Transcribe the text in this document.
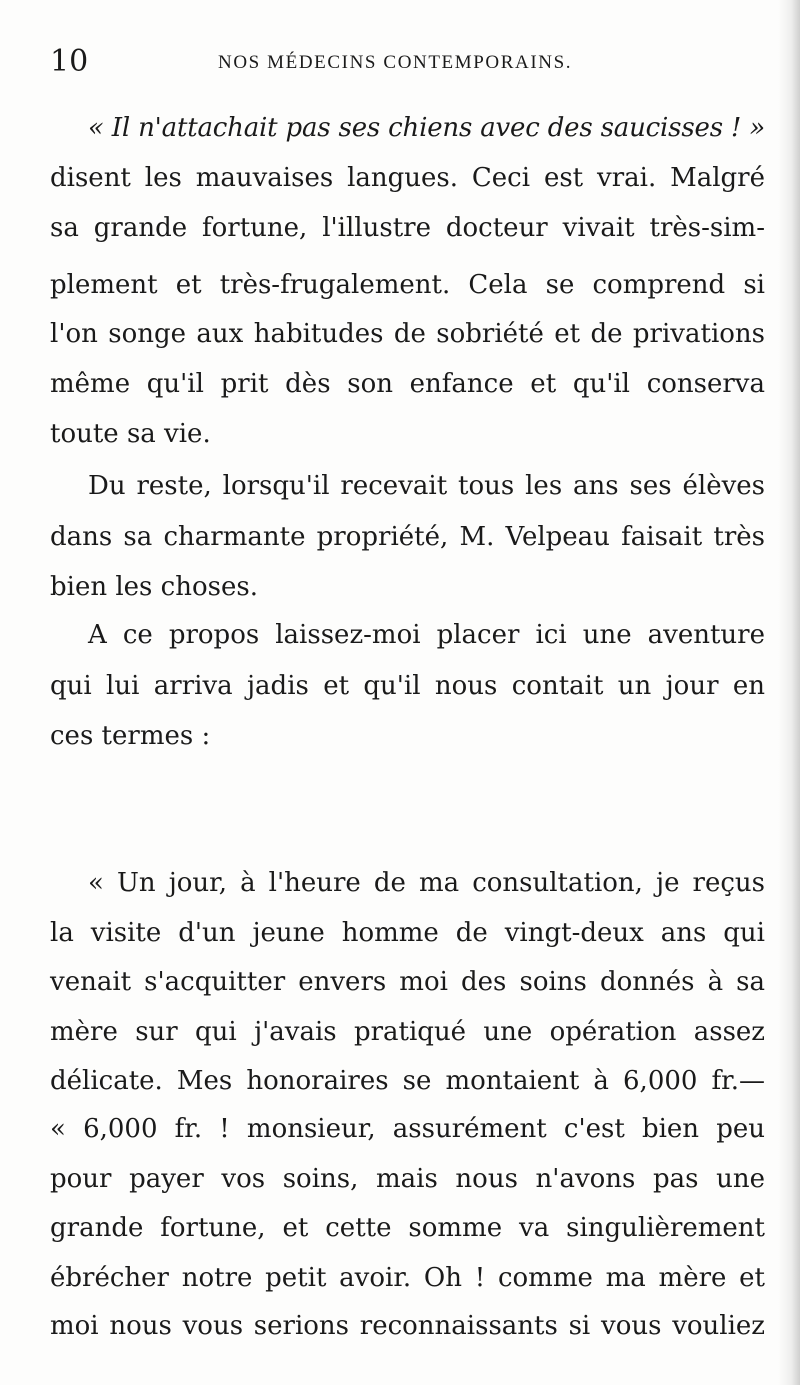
10	NOS MÉDECINS CONTEMPORAINS.
« Il n'attachait pas ses chiens avec des saucisses ! »
disent les mauvaises langues. Ceci est vrai. Malgré
sa grande fortune, l'illustre docteur vivait très-sim-
plement et très-frugalement. Cela se comprend si
l'on songe aux habitudes de sobriété et de privations
même qu'il prit dès son enfance et qu'il conserva
toute sa vie.
Du reste, lorsqu'il recevait tous les ans ses élèves
dans sa charmante propriété, M. Velpeau faisait très
bien les choses.
A ce propos laissez-moi placer ici une aventure
qui lui arriva jadis et qu'il nous contait un jour en
ces termes :
« Un jour, à l'heure de ma consultation, je reçus
la visite d'un jeune homme de vingt-deux ans qui
venait s'acquitter envers moi des soins donnés à sa
mère sur qui j'avais pratiqué une opération assez
délicate. Mes honoraires se montaient à 6,000 fr.—
« 6,000 fr. ! monsieur, assurément c'est bien peu
pour payer vos soins, mais nous n'avons pas une
grande fortune, et cette somme va singulièrement
ébrécher notre petit avoir. Oh ! comme ma mère et
moi nous vous serions reconnaissants si vous vouliez
